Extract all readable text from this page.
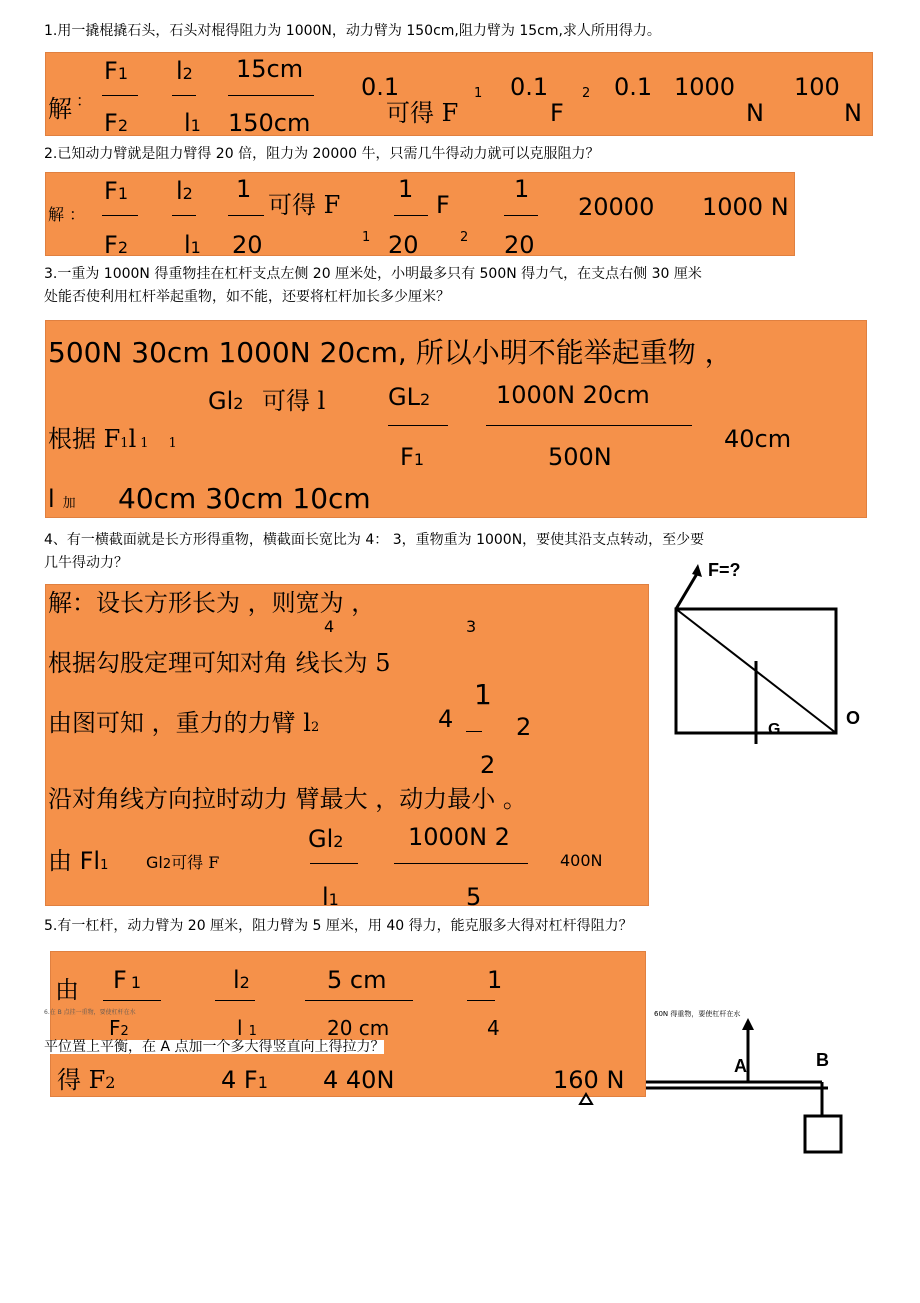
1.用一撬棍撬石头，石头对棍得阻力为 1000N，动力臂为 150cm,阻力臂为 15cm,求人所用得力。
解 ：
F1
F2
l2
l1
15cm
150cm
0.1
可得 F
1 0.1
F
2 0.1 1000
N
100
N
2.已知动力臂就是阻力臂得 20 倍，阻力为 20000 牛，只需几牛得动力就可以克服阻力？
解 ：
F1
F2
l2
l1
1
20
可得 F
1
1
20
F
2
1
20
20000 1000 N
3.一重为 1000N 得重物挂在杠杆支点左侧 20 厘米处，小明最多只有 500N 得力气，在支点右侧 30 厘米
处能否使利用杠杆举起重物，如不能，还要将杠杆加长多少厘米？
500N 30cm 1000N 20cm, 所以小明不能举起重物 ，
Gl2 可得 l	GL2
F1
1000N 20cm
500N
40cm
根据 F1l 1 1
l加 40cm 30cm 10cm
4、有一横截面就是长方形得重物，横截面长宽比为 4： 3，重物重为 1000N，要使其沿支点转动，至少要
几牛得动力？
解：设长方形长为 ，则宽为 ，
4	3
根据勾股定理可知对角 线长为 5
由图可知 ，重力的力臂 l2	4
1
2
2
沿对角线方向拉时动力 臂最大 ，动力最小 。
由 Fl1 Gl2可得 F
Gl2
l1
1000N 2
5
400N
F=?
G
O
5.有一杠杆，动力臂为 20 厘米，阻力臂为 5 厘米，用 40 得力，能克服多大得对杠杆得阻力？
由 F 1
F2
l2
l 1
5 cm
20 cm
1
4
得 F2	4 F1 4 40N	160 N
6.在 B 点挂一重物，要使杠杆在水
平位置上平衡，在 A 点加一个多大得竖直向上得拉力？
60N 得重物，要使杠杆在水
A	B
